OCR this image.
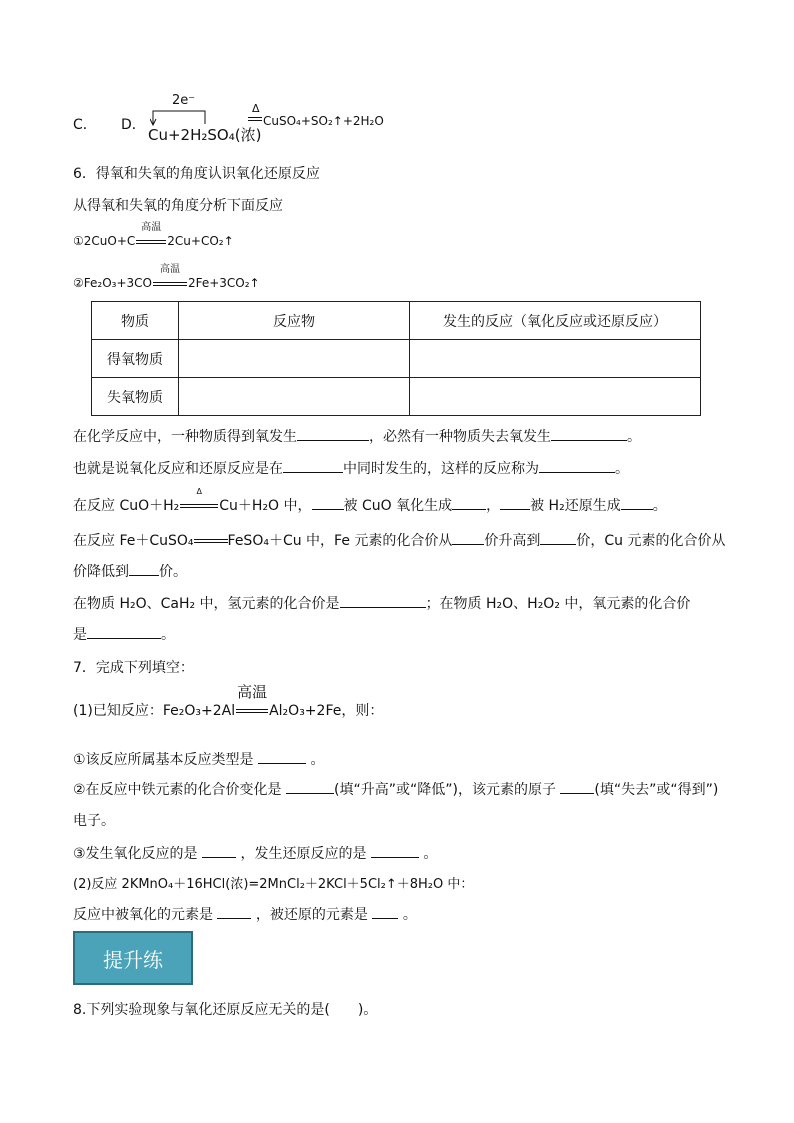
C． D．
2e⁻
Cu+2H₂SO₄(浓)
Δ
CuSO₄+SO₂↑+2H₂O
6．得氧和失氧的角度认识氧化还原反应
从得氧和失氧的角度分析下面反应
①2CuO+C
高温
2Cu+CO₂↑
②Fe₂O₃+3CO
高温
2Fe+3CO₂↑
物质	反应物	发生的反应（氧化反应或还原反应）
得氧物质		
失氧物质		
在化学反应中，一种物质得到氧发生	，必然有一种物质失去氧发生	。
也就是说氧化反应和还原反应是在	中同时发生的，这样的反应称为	。
在反应 CuO＋H₂
Δ
Cu＋H₂O 中， 被 CuO 氧化生成 ， 被 H₂还原生成 。
在反应 Fe＋CuSO₄ FeSO₄＋Cu 中，Fe 元素的化合价从 价升高到	价，Cu 元素的化合价从
价降低到 价。
在物质 H₂O、CaH₂ 中，氢元素的化合价是	；在物质 H₂O、H₂O₂ 中，氧元素的化合价
是	。
7．完成下列填空：
(1)已知反应：Fe₂O₃+2Al
高温
Al₂O₃+2Fe，则：
①该反应所属基本反应类型是	。
②在反应中铁元素的化合价变化是	(填“升高”或“降低”)，该元素的原子	(填“失去”或“得到”)
电子。
③发生氧化反应的是	，发生还原反应的是	。
(2)反应 2KMnO₄＋16HCl(浓)=2MnCl₂＋2KCl＋5Cl₂↑＋8H₂O 中：
反应中被氧化的元素是	，被还原的元素是 。
提升练
8.下列实验现象与氧化还原反应无关的是(　　)。
